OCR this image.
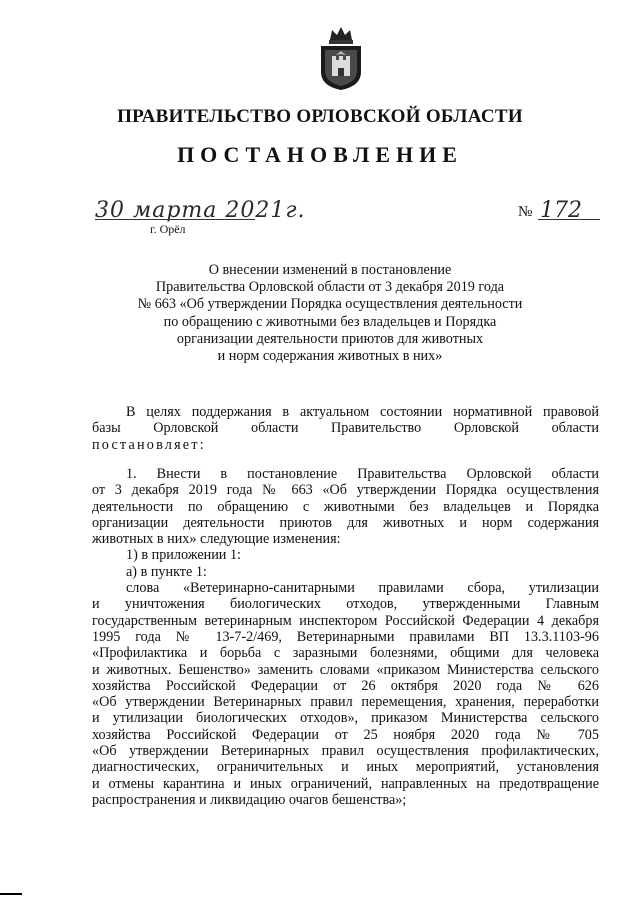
ПРАВИТЕЛЬСТВО ОРЛОВСКОЙ ОБЛАСТИ
ПОСТАНОВЛЕНИЕ
30 марта 2021г.
г. Орёл
№ 172
О внесении изменений в постановление
Правительства Орловской области от 3 декабря 2019 года
№ 663 «Об утверждении Порядка осуществления деятельности
по обращению с животными без владельцев и Порядка
организации деятельности приютов для животных
и норм содержания животных в них»
В целях поддержания в актуальном состоянии нормативной правовой
базы Орловской области Правительство Орловской области
постановляет:
1. Внести в постановление Правительства Орловской области
от 3 декабря 2019 года № 663 «Об утверждении Порядка осуществления
деятельности по обращению с животными без владельцев и Порядка
организации деятельности приютов для животных и норм содержания
животных в них» следующие изменения:
1) в приложении 1:
а) в пункте 1:
слова «Ветеринарно-санитарными правилами сбора, утилизации
и уничтожения биологических отходов, утвержденными Главным
государственным ветеринарным инспектором Российской Федерации 4 декабря
1995 года № 13-7-2/469, Ветеринарными правилами ВП 13.3.1103-96
«Профилактика и борьба с заразными болезнями, общими для человека
и животных. Бешенство» заменить словами «приказом Министерства сельского
хозяйства Российской Федерации от 26 октября 2020 года № 626
«Об утверждении Ветеринарных правил перемещения, хранения, переработки
и утилизации биологических отходов», приказом Министерства сельского
хозяйства Российской Федерации от 25 ноября 2020 года № 705
«Об утверждении Ветеринарных правил осуществления профилактических,
диагностических, ограничительных и иных мероприятий, установления
и отмены карантина и иных ограничений, направленных на предотвращение
распространения и ликвидацию очагов бешенства»;
